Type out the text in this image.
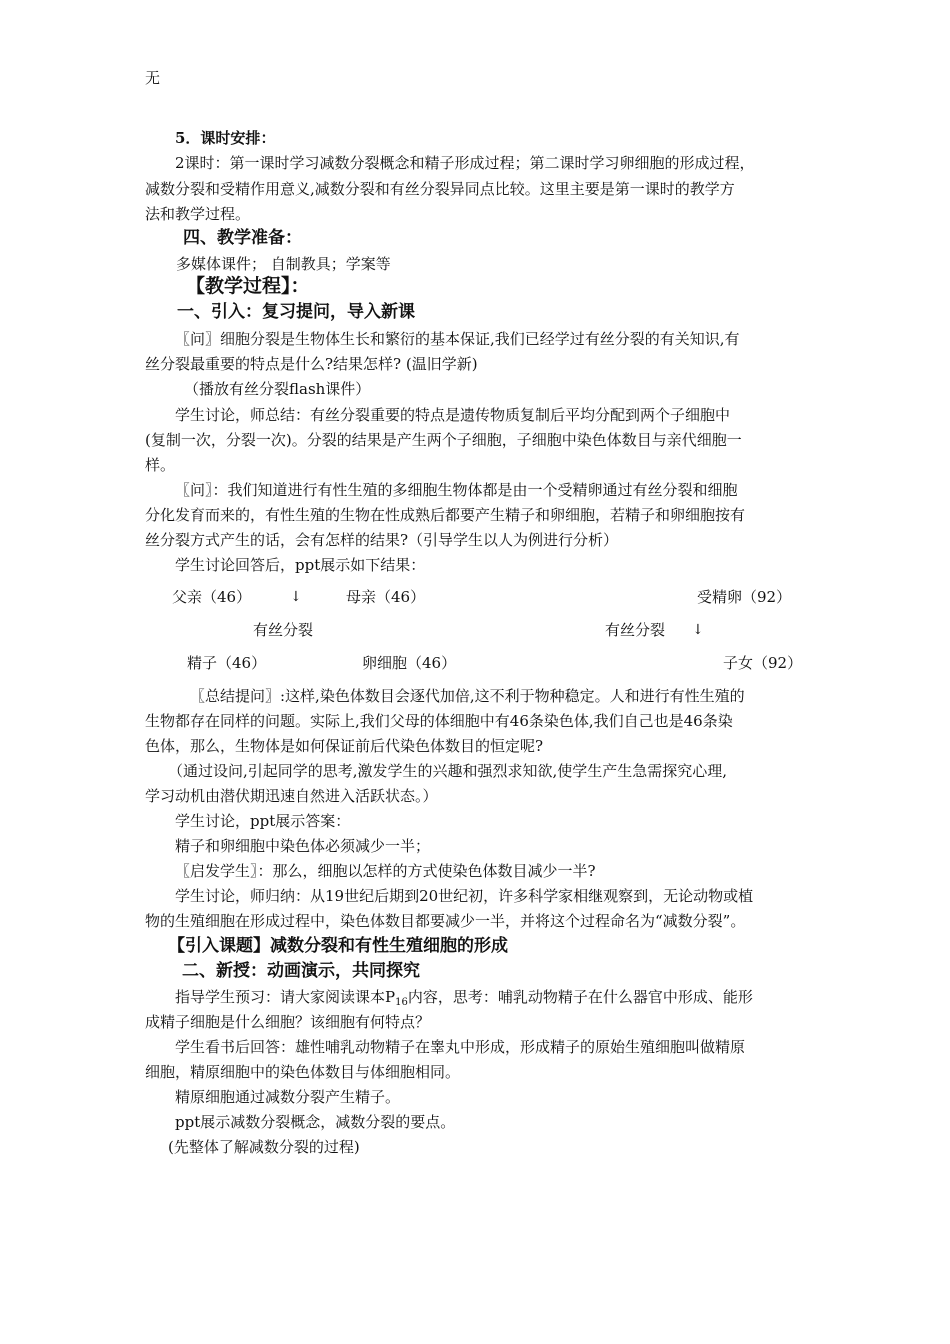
无
5．课时安排：
2课时：第一课时学习减数分裂概念和精子形成过程；第二课时学习卵细胞的形成过程，
减数分裂和受精作用意义,减数分裂和有丝分裂异同点比较。这里主要是第一课时的教学方
法和教学过程。
四、教学准备：
多媒体课件； 自制教具；学案等
【教学过程】：
一、引入：复习提问，导入新课
〖问〗细胞分裂是生物体生长和繁衍的基本保证,我们已经学过有丝分裂的有关知识,有
丝分裂最重要的特点是什么?结果怎样? (温旧学新)
（播放有丝分裂flash课件）
学生讨论，师总结：有丝分裂重要的特点是遗传物质复制后平均分配到两个子细胞中
(复制一次，分裂一次)。分裂的结果是产生两个子细胞，子细胞中染色体数目与亲代细胞一
样。
〖问〗：我们知道进行有性生殖的多细胞生物体都是由一个受精卵通过有丝分裂和细胞
分化发育而来的，有性生殖的生物在性成熟后都要产生精子和卵细胞，若精子和卵细胞按有
丝分裂方式产生的话，会有怎样的结果?（引导学生以人为例进行分析）
学生讨论回答后，ppt展示如下结果：
父亲（46）	↓	母亲（46）	受精卵（92）
有丝分裂	有丝分裂 ↓
精子（46）	卵细胞（46）	子女（92）
〖总结提问〗:这样,染色体数目会逐代加倍,这不利于物种稳定。人和进行有性生殖的
生物都存在同样的问题。实际上,我们父母的体细胞中有46条染色体,我们自己也是46条染
色体，那么，生物体是如何保证前后代染色体数目的恒定呢?
（通过设问,引起同学的思考,激发学生的兴趣和强烈求知欲,使学生产生急需探究心理,
学习动机由潜伏期迅速自然进入活跃状态。）
学生讨论，ppt展示答案：
精子和卵细胞中染色体必须减少一半；
〖启发学生〗：那么，细胞以怎样的方式使染色体数目减少一半?
学生讨论，师归纳：从19世纪后期到20世纪初，许多科学家相继观察到，无论动物或植
物的生殖细胞在形成过程中，染色体数目都要减少一半，并将这个过程命名为“减数分裂”。
【引入课题】减数分裂和有性生殖细胞的形成
二、新授：动画演示，共同探究
指导学生预习：请大家阅读课本$P_{16}$内容，思考：哺乳动物精子在什么器官中形成、能形
成精子细胞是什么细胞？该细胞有何特点？
学生看书后回答：雄性哺乳动物精子在睾丸中形成，形成精子的原始生殖细胞叫做精原
细胞，精原细胞中的染色体数目与体细胞相同。
精原细胞通过减数分裂产生精子。
ppt展示减数分裂概念，减数分裂的要点。
(先整体了解减数分裂的过程)
